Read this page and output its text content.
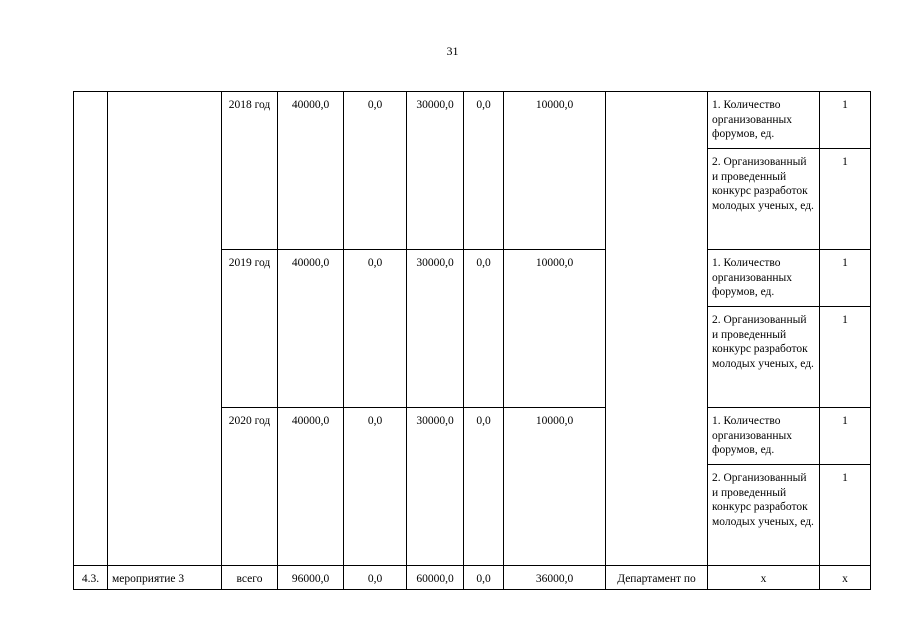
31
		2018 год	40000,0	0,0	30000,0	0,0	10000,0		1. Количество организованных форумов, ед.	1
									2. Организованный и проведенный конкурс разработок молодых ученых, ед.	1
		2019 год	40000,0	0,0	30000,0	0,0	10000,0		1. Количество организованных форумов, ед.	1
									2. Организованный и проведенный конкурс разработок молодых ученых, ед.	1
		2020 год	40000,0	0,0	30000,0	0,0	10000,0		1. Количество организованных форумов, ед.	1
									2. Организованный и проведенный конкурс разработок молодых ученых, ед.	1
4.3.	мероприятие 3	всего	96000,0	0,0	60000,0	0,0	36000,0	Департамент по	х	х
